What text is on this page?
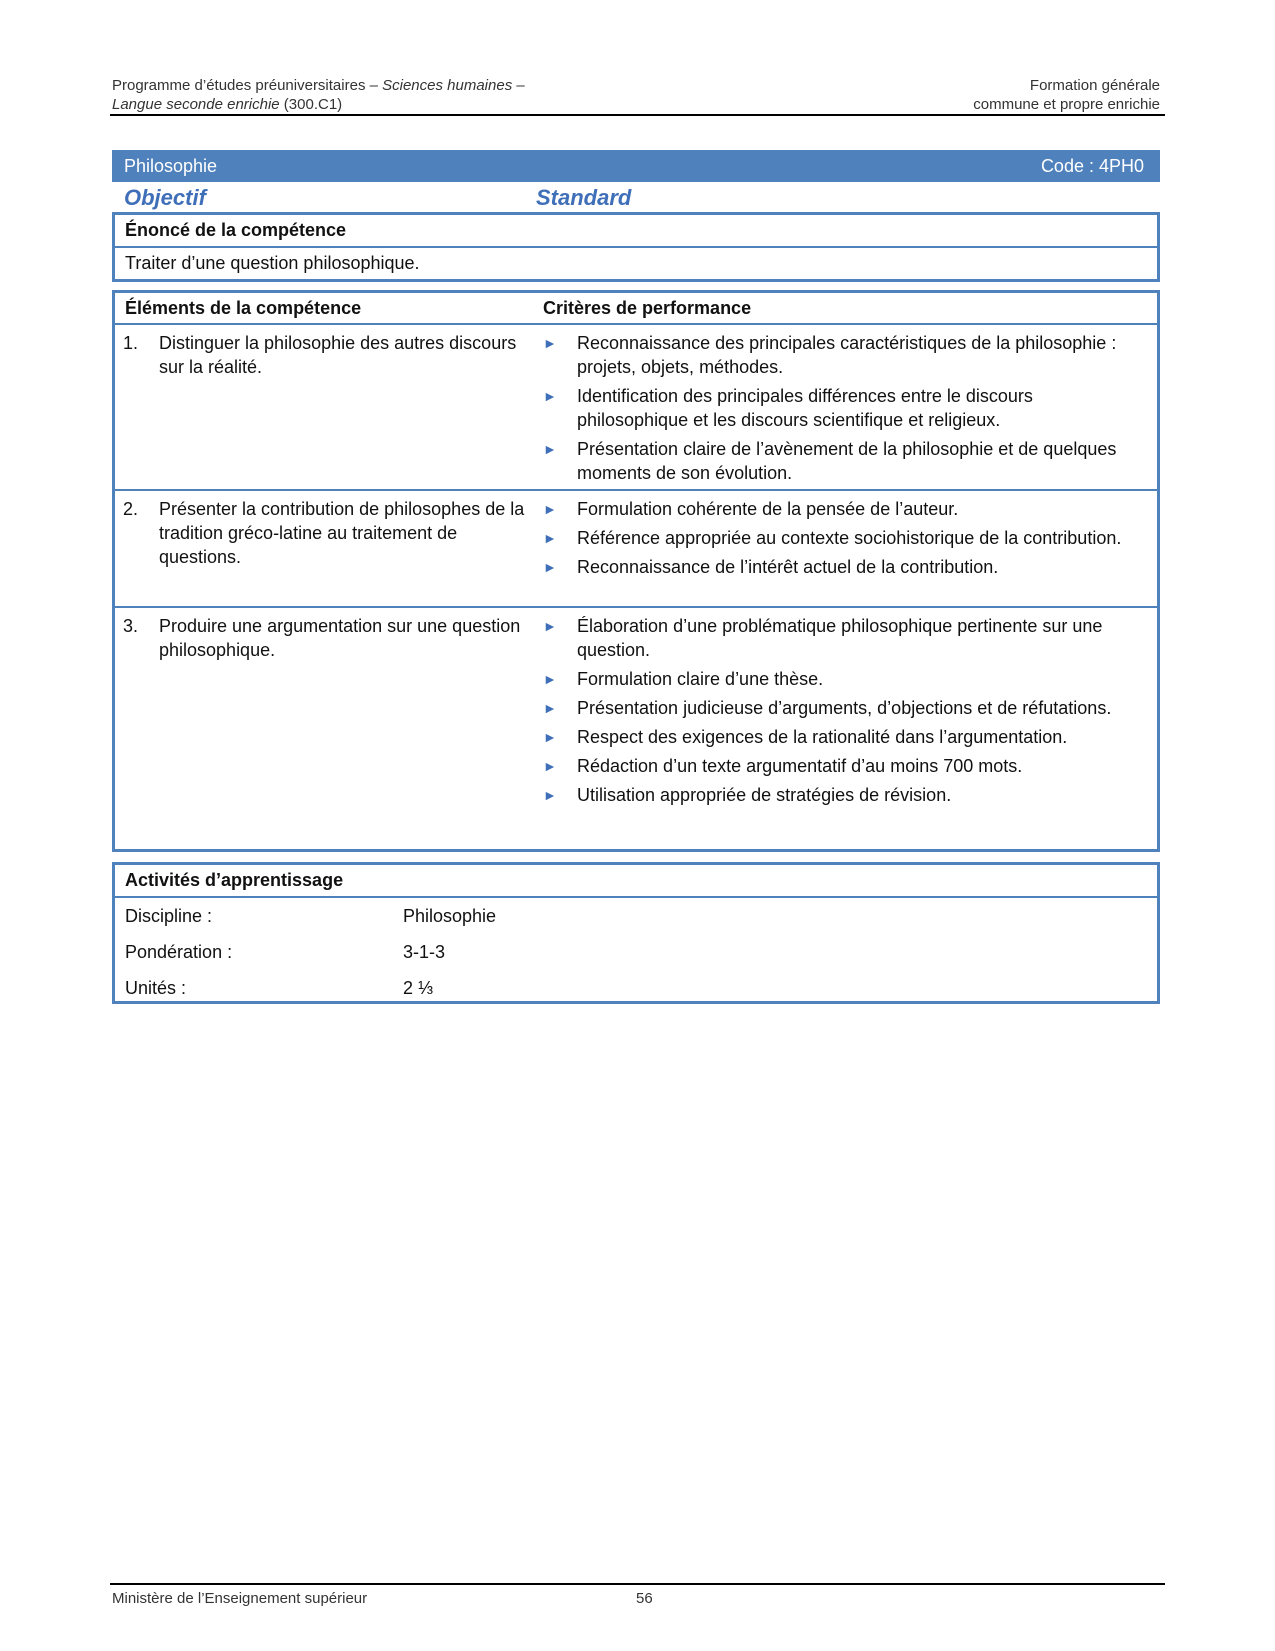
Programme d’études préuniversitaires – Sciences humaines –	Formation générale
Langue seconde enrichie (300.C1)	commune et propre enrichie
Philosophie	Code : 4PH0
Objectif	Standard
Énoncé de la compétence
Traiter d’une question philosophique.
Éléments de la compétence	Critères de performance
1.	Distinguer la philosophie des autres discours sur la réalité.
►	Reconnaissance des principales caractéristiques de la philosophie : projets, objets, méthodes.
►	Identification des principales différences entre le discours philosophique et les discours scientifique et religieux.
►	Présentation claire de l’avènement de la philosophie et de quelques moments de son évolution.
2.	Présenter la contribution de philosophes de la tradition gréco-latine au traitement de questions.
►	Formulation cohérente de la pensée de l’auteur.
►	Référence appropriée au contexte sociohistorique de la contribution.
►	Reconnaissance de l’intérêt actuel de la contribution.
3.	Produire une argumentation sur une question philosophique.
►	Élaboration d’une problématique philosophique pertinente sur une question.
►	Formulation claire d’une thèse.
►	Présentation judicieuse d’arguments, d’objections et de réfutations.
►	Respect des exigences de la rationalité dans l’argumentation.
►	Rédaction d’un texte argumentatif d’au moins 700 mots.
►	Utilisation appropriée de stratégies de révision.
Activités d’apprentissage
Discipline :	Philosophie
Pondération :	3-1-3
Unités :	2 ⅓
Ministère de l’Enseignement supérieur	56
